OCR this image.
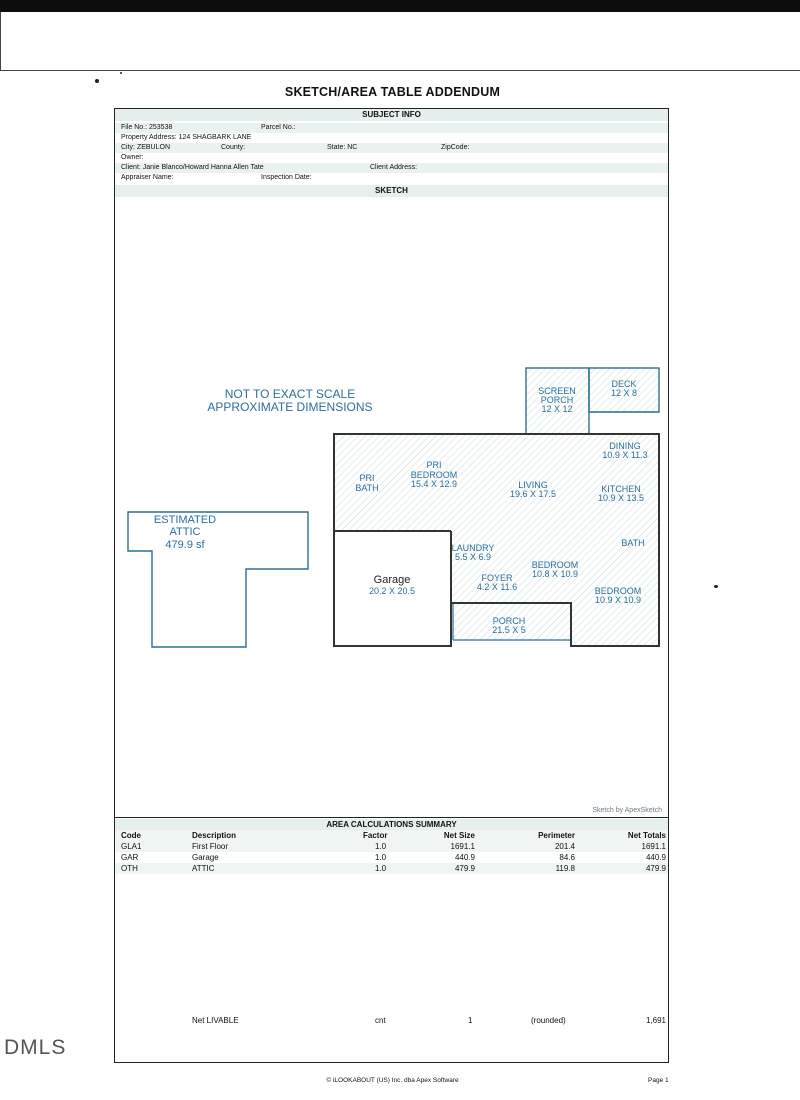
SKETCH/AREA TABLE ADDENDUM
SUBJECT INFO
File No.: 253538	Parcel No.:
Property Address: 124 SHAGBARK LANE
City: ZEBULON	County:	State: NC	ZipCode:
Owner:
Client: Janie Blanco/Howard Hanna Allen Tate	Client Address:
Appraiser Name:	Inspection Date:
SKETCH
NOT TO EXACT SCALE
APPROXIMATE DIMENSIONS
ESTIMATED
ATTIC
479.9 sf
SCREEN
PORCH
12 X 12
DECK
12 X 8
DINING
10.9 X 11.3
PRI
BATH
PRI
BEDROOM
15.4 X 12.9	LIVING
19.6 X 17.5	KITCHEN
10.9 X 13.5
BATH
LAUNDRY
5.5 X 6.9
BEDROOM
10.8 X 10.9
FOYER
4.2 X 11.6	BEDROOM
10.9 X 10.9
Garage
20.2 X 20.5
PORCH
21.5 X 5
Sketch by ApexSketch
AREA CALCULATIONS SUMMARY
Code	Description	Factor	Net Size	Perimeter	Net Totals
GLA1	First Floor	1.0	1691.1	201.4	1691.1
GAR	Garage	1.0	440.9	84.6	440.9
OTH	ATTIC	1.0	479.9	119.8	479.9
Net LIVABLE	cnt	1	(rounded)	1,691
DMLS
© iLOOKABOUT (US) Inc. dba Apex Software	Page 1
